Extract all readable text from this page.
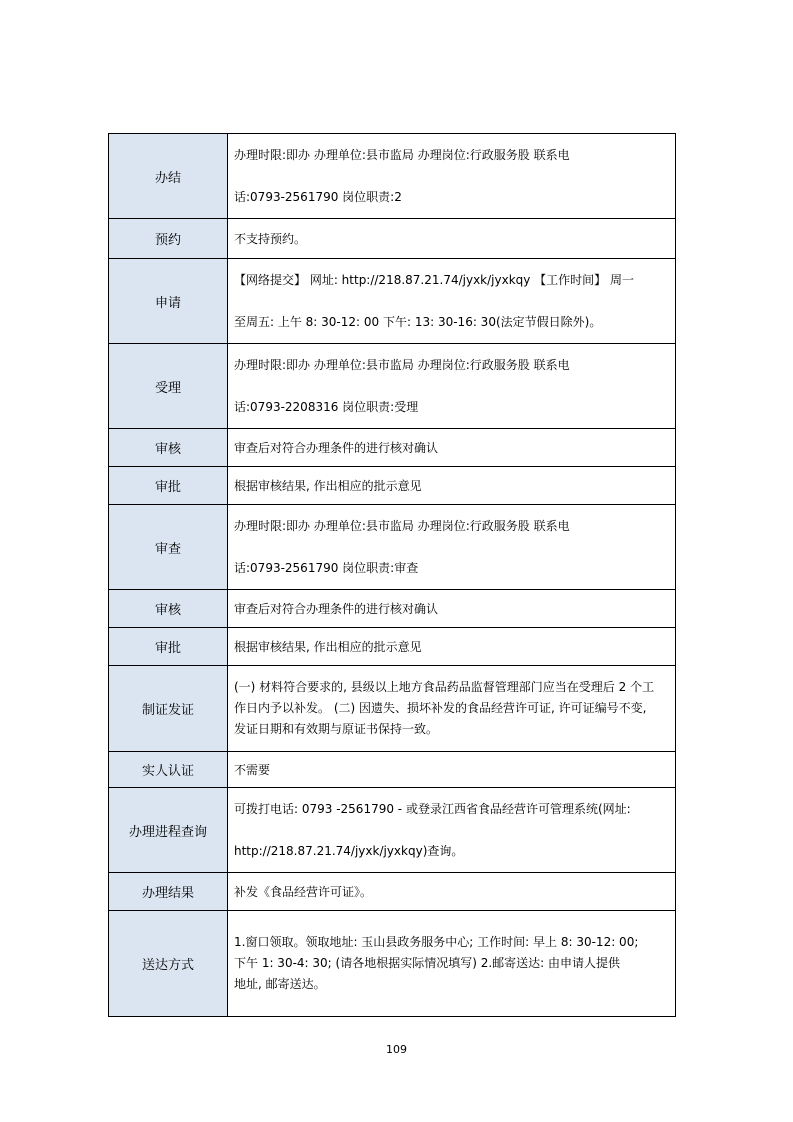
办结	办理时限:即办 办理单位:县市监局 办理岗位:行政服务股 联系电
话:0793-2561790 岗位职责:2

预约	不支持预约。

申请	【网络提交】 网址: http://218.87.21.74/jyxk/jyxkqy 【工作时间】 周一
至周五: 上午 8: 30-12: 00 下午: 13: 30-16: 30(法定节假日除外)。

受理	办理时限:即办 办理单位:县市监局 办理岗位:行政服务股 联系电
话:0793-2208316 岗位职责:受理

审核	审查后对符合办理条件的进行核对确认

审批	根据审核结果, 作出相应的批示意见

审查	办理时限:即办 办理单位:县市监局 办理岗位:行政服务股 联系电
话:0793-2561790 岗位职责:审查

审核	审查后对符合办理条件的进行核对确认

审批	根据审核结果, 作出相应的批示意见

制证发证	(一) 材料符合要求的, 县级以上地方食品药品监督管理部门应当在受理后 2 个工
作日内予以补发。 (二) 因遗失、损坏补发的食品经营许可证, 许可证编号不变,
发证日期和有效期与原证书保持一致。

实人认证	不需要

办理进程查询	可拨打电话: 0793 -2561790 - 或登录江西省食品经营许可管理系统(网址:
http://218.87.21.74/jyxk/jyxkqy)查询。

办理结果	补发《食品经营许可证》。

送达方式	1.窗口领取。领取地址: 玉山县政务服务中心; 工作时间: 早上 8: 30-12: 00;
下午 1: 30-4: 30; (请各地根据实际情况填写) 2.邮寄送达: 由申请人提供
地址, 邮寄送达。
109
